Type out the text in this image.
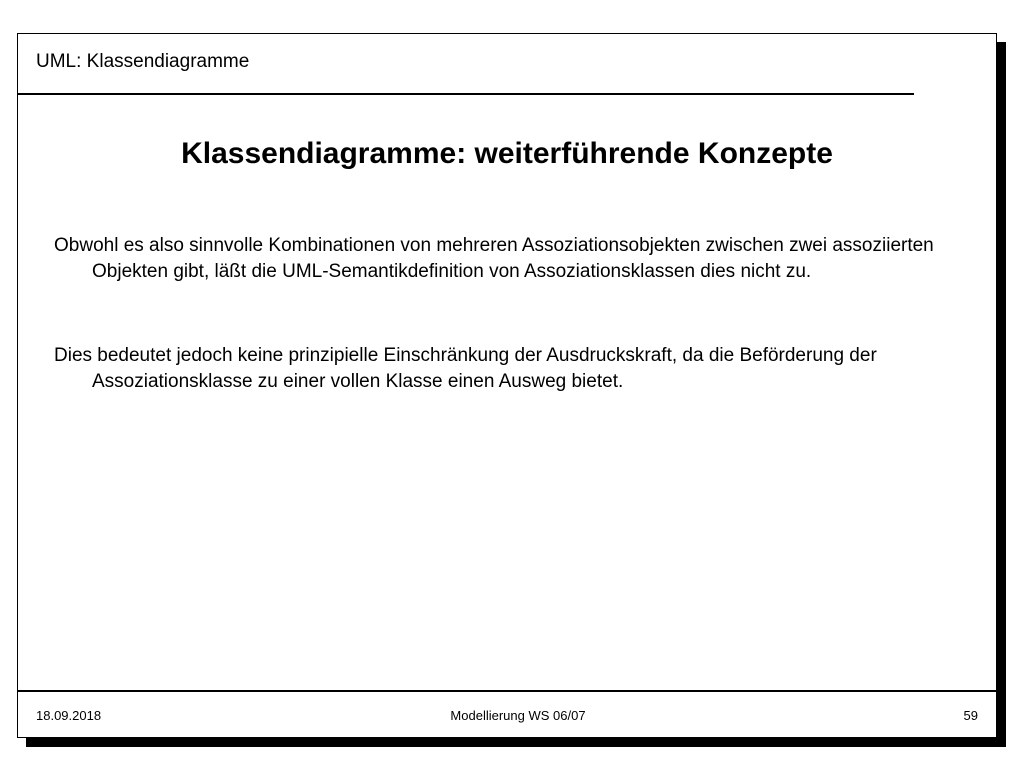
UML: Klassendiagramme
Klassendiagramme: weiterführende Konzepte
Obwohl es also sinnvolle Kombinationen von mehreren Assoziationsobjekten zwischen zwei assoziierten Objekten gibt, läßt die UML-Semantikdefinition von Assoziationsklassen dies nicht zu.
Dies bedeutet jedoch keine prinzipielle Einschränkung der Ausdruckskraft, da die Beförderung der Assoziationsklasse zu einer vollen Klasse einen Ausweg bietet.
18.09.2018	Modellierung WS 06/07	59
